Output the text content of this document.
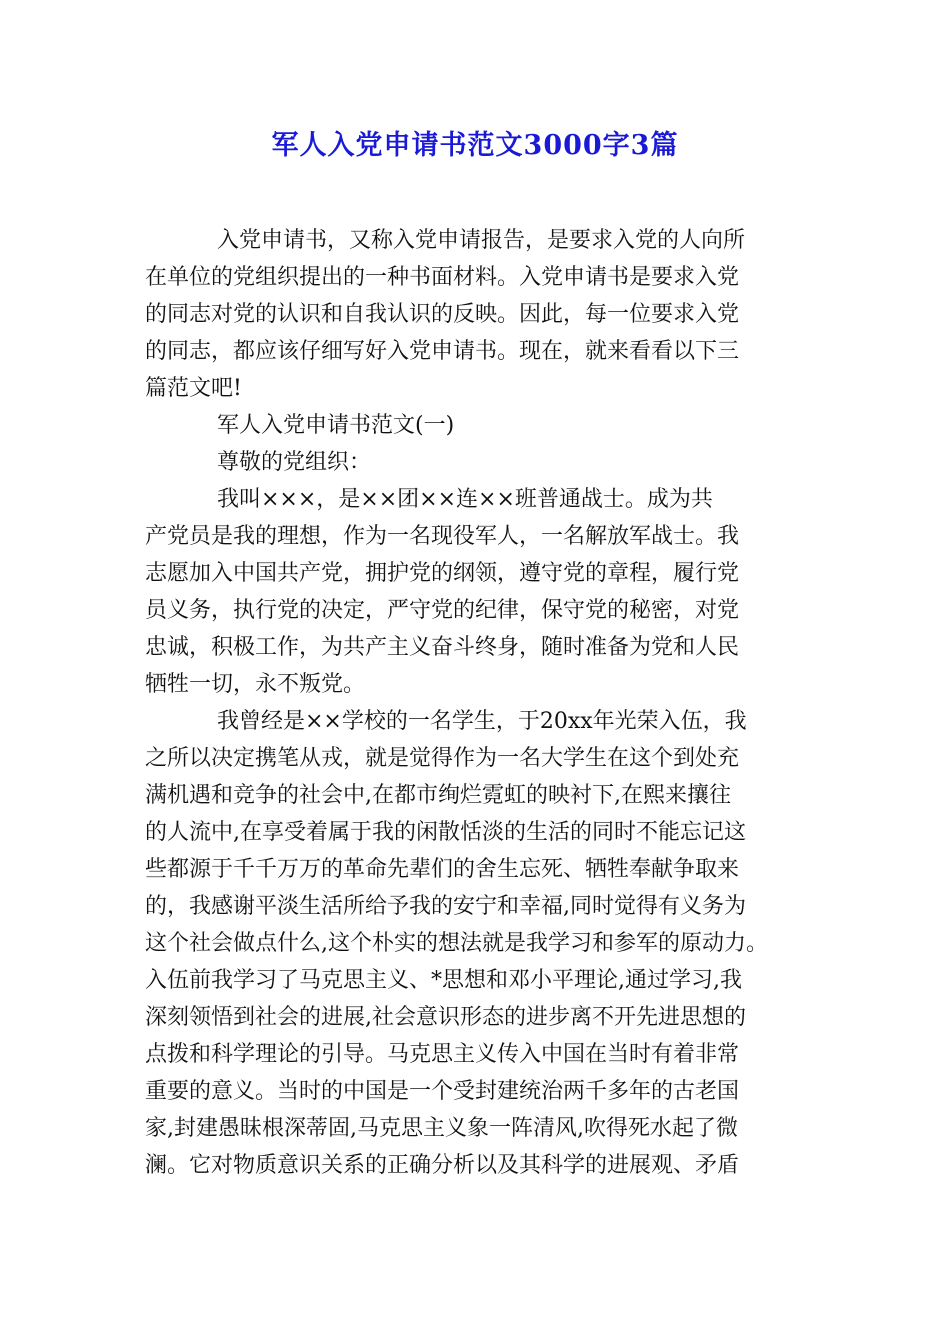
军人入党申请书范文3000字3篇
入党申请书，又称入党申请报告，是要求入党的人向所
在单位的党组织提出的一种书面材料。入党申请书是要求入党
的同志对党的认识和自我认识的反映。因此，每一位要求入党
的同志，都应该仔细写好入党申请书。现在，就来看看以下三
篇范文吧!
军人入党申请书范文(一)
尊敬的党组织：
我叫×××，是××团××连××班普通战士。成为共
产党员是我的理想，作为一名现役军人，一名解放军战士。我
志愿加入中国共产党，拥护党的纲领，遵守党的章程，履行党
员义务，执行党的决定，严守党的纪律，保守党的秘密，对党
忠诚，积极工作，为共产主义奋斗终身，随时准备为党和人民
牺牲一切，永不叛党。
我曾经是××学校的一名学生，于20xx年光荣入伍，我
之所以决定携笔从戎，就是觉得作为一名大学生在这个到处充
满机遇和竞争的社会中,在都市绚烂霓虹的映衬下,在熙来攘往
的人流中,在享受着属于我的闲散恬淡的生活的同时不能忘记这
些都源于千千万万的革命先辈们的舍生忘死、牺牲奉献争取来
的，我感谢平淡生活所给予我的安宁和幸福,同时觉得有义务为
这个社会做点什么,这个朴实的想法就是我学习和参军的原动力。
入伍前我学习了马克思主义、*思想和邓小平理论,通过学习,我
深刻领悟到社会的进展,社会意识形态的进步离不开先进思想的
点拨和科学理论的引导。马克思主义传入中国在当时有着非常
重要的意义。当时的中国是一个受封建统治两千多年的古老国
家,封建愚昧根深蒂固,马克思主义象一阵清风,吹得死水起了微
澜。它对物质意识关系的正确分析以及其科学的进展观、矛盾
